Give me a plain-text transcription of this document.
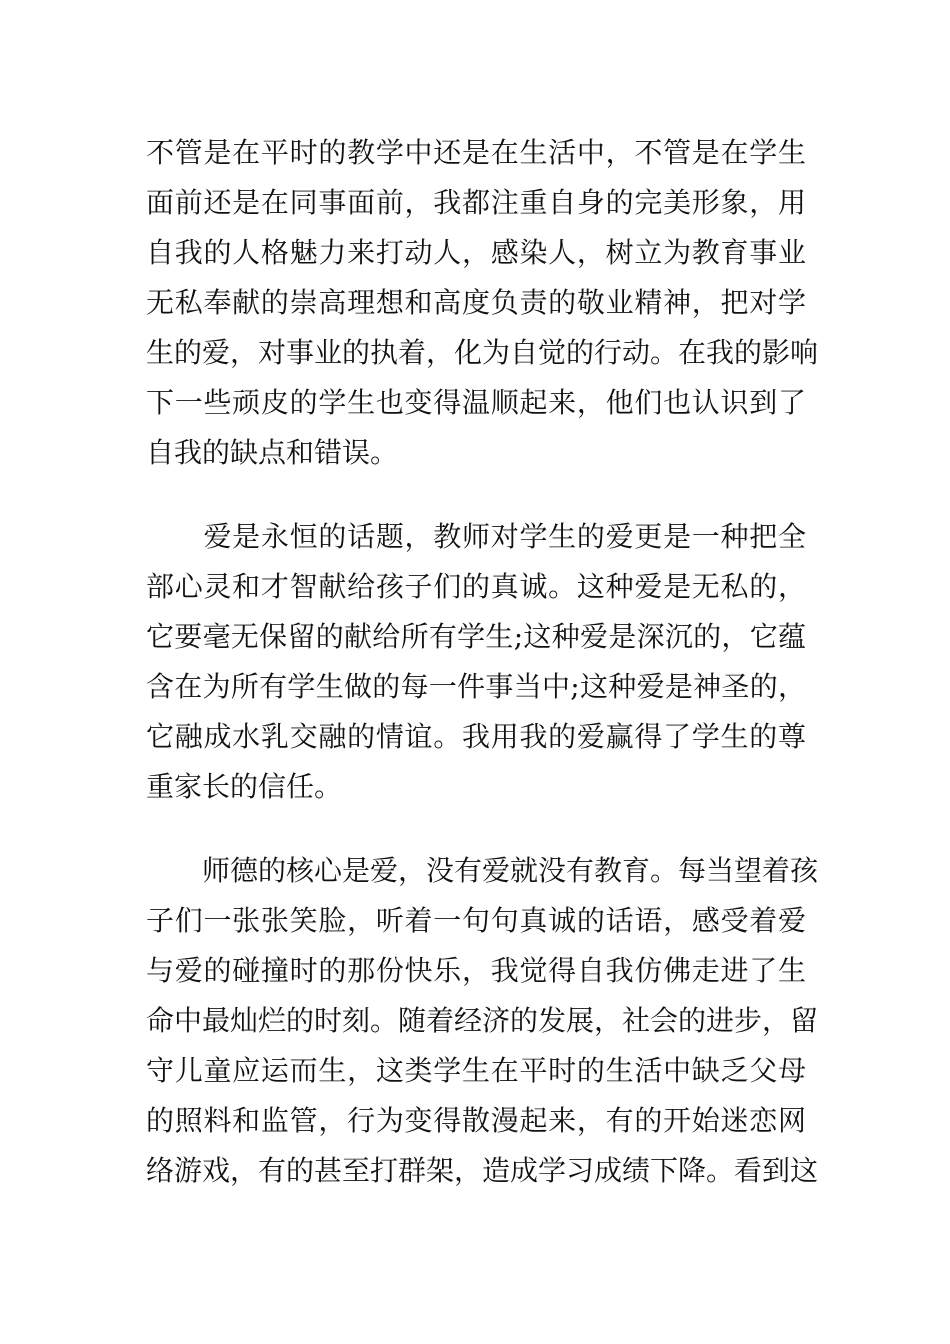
不管是在平时的教学中还是在生活中，不管是在学生
面前还是在同事面前，我都注重自身的完美形象，用
自我的人格魅力来打动人，感染人，树立为教育事业
无私奉献的崇高理想和高度负责的敬业精神，把对学
生的爱，对事业的执着，化为自觉的行动。在我的影响
下一些顽皮的学生也变得温顺起来，他们也认识到了
自我的缺点和错误。
　　爱是永恒的话题，教师对学生的爱更是一种把全
部心灵和才智献给孩子们的真诚。这种爱是无私的，
它要毫无保留的献给所有学生;这种爱是深沉的，它蕴
含在为所有学生做的每一件事当中;这种爱是神圣的，
它融成水乳交融的情谊。我用我的爱赢得了学生的尊
重家长的信任。
　　师德的核心是爱，没有爱就没有教育。每当望着孩
子们一张张笑脸，听着一句句真诚的话语，感受着爱
与爱的碰撞时的那份快乐，我觉得自我仿佛走进了生
命中最灿烂的时刻。随着经济的发展，社会的进步，留
守儿童应运而生，这类学生在平时的生活中缺乏父母
的照料和监管，行为变得散漫起来，有的开始迷恋网
络游戏，有的甚至打群架，造成学习成绩下降。看到这
